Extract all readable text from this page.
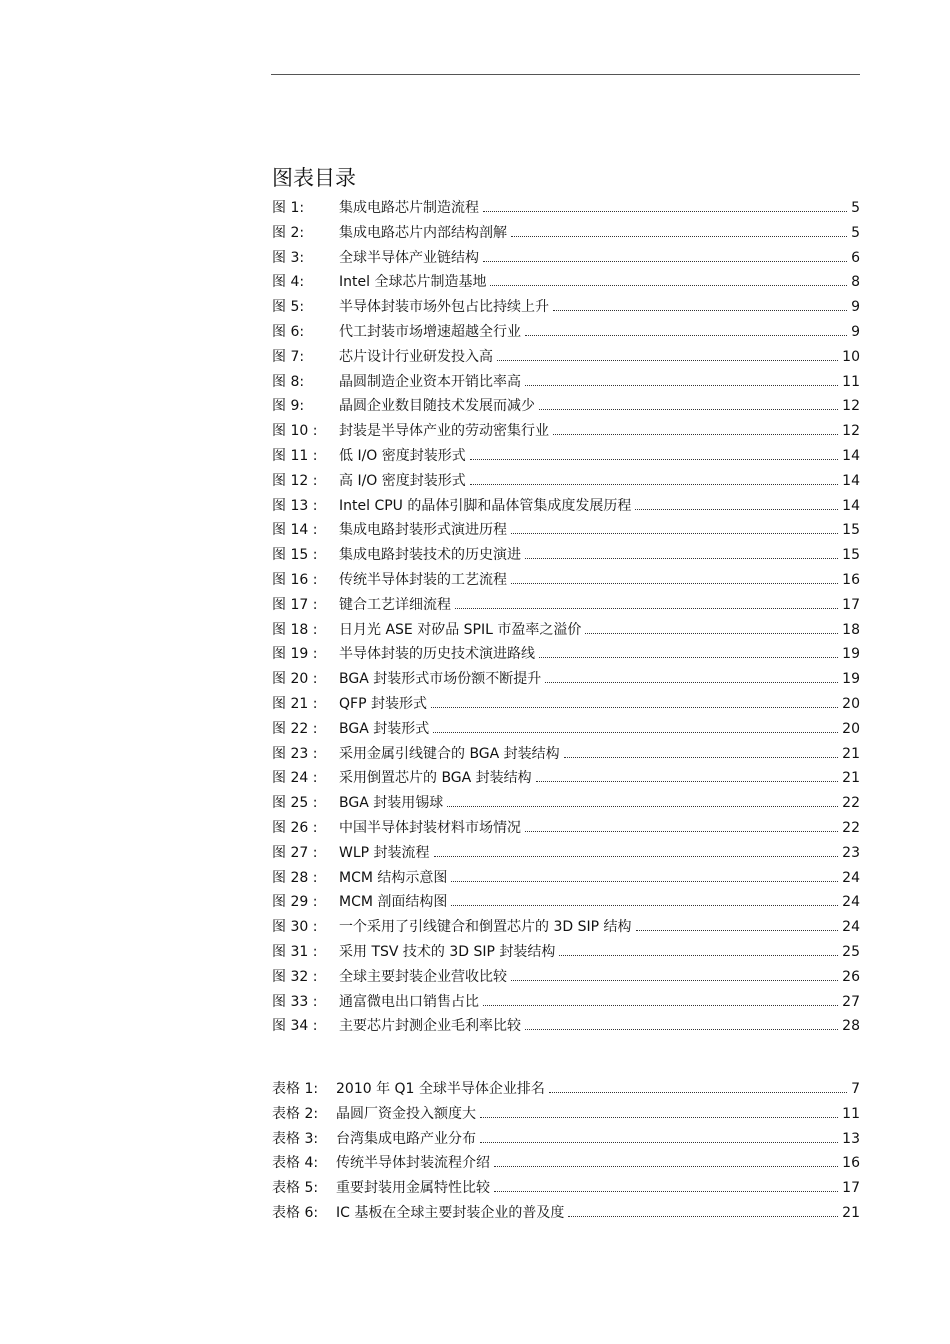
图表目录
图 1:	集成电路芯片制造流程	5
图 2:	集成电路芯片内部结构剖解	5
图 3:	全球半导体产业链结构	6
图 4:	Intel 全球芯片制造基地	8
图 5:	半导体封装市场外包占比持续上升	9
图 6:	代工封装市场增速超越全行业	9
图 7:	芯片设计行业研发投入高	10
图 8:	晶圆制造企业资本开销比率高	11
图 9:	晶圆企业数目随技术发展而减少	12
图 10 :	封装是半导体产业的劳动密集行业	12
图 11 :	低 I/O 密度封装形式	14
图 12 :	高 I/O 密度封装形式	14
图 13 :	Intel CPU 的晶体引脚和晶体管集成度发展历程	14
图 14 :	集成电路封装形式演进历程	15
图 15 :	集成电路封装技术的历史演进	15
图 16 :	传统半导体封装的工艺流程	16
图 17 :	键合工艺详细流程	17
图 18 :	日月光 ASE 对矽品 SPIL 市盈率之溢价	18
图 19 :	半导体封装的历史技术演进路线	19
图 20 :	BGA 封装形式市场份额不断提升	19
图 21 :	QFP 封装形式	20
图 22 :	BGA 封装形式	20
图 23 :	采用金属引线键合的 BGA 封装结构	21
图 24 :	采用倒置芯片的 BGA 封装结构	21
图 25 :	BGA 封装用锡球	22
图 26 :	中国半导体封装材料市场情况	22
图 27 :	WLP 封装流程	23
图 28 :	MCM 结构示意图	24
图 29 :	MCM 剖面结构图	24
图 30 :	一个采用了引线键合和倒置芯片的 3D SIP 结构	24
图 31 :	采用 TSV 技术的 3D SIP 封装结构	25
图 32 :	全球主要封装企业营收比较	26
图 33 :	通富微电出口销售占比	27
图 34 :	主要芯片封测企业毛利率比较	28
表格 1:	2010 年 Q1 全球半导体企业排名	7
表格 2:	晶圆厂资金投入额度大	11
表格 3:	台湾集成电路产业分布	13
表格 4:	传统半导体封装流程介绍	16
表格 5:	重要封装用金属特性比较	17
表格 6:	IC 基板在全球主要封装企业的普及度	21
